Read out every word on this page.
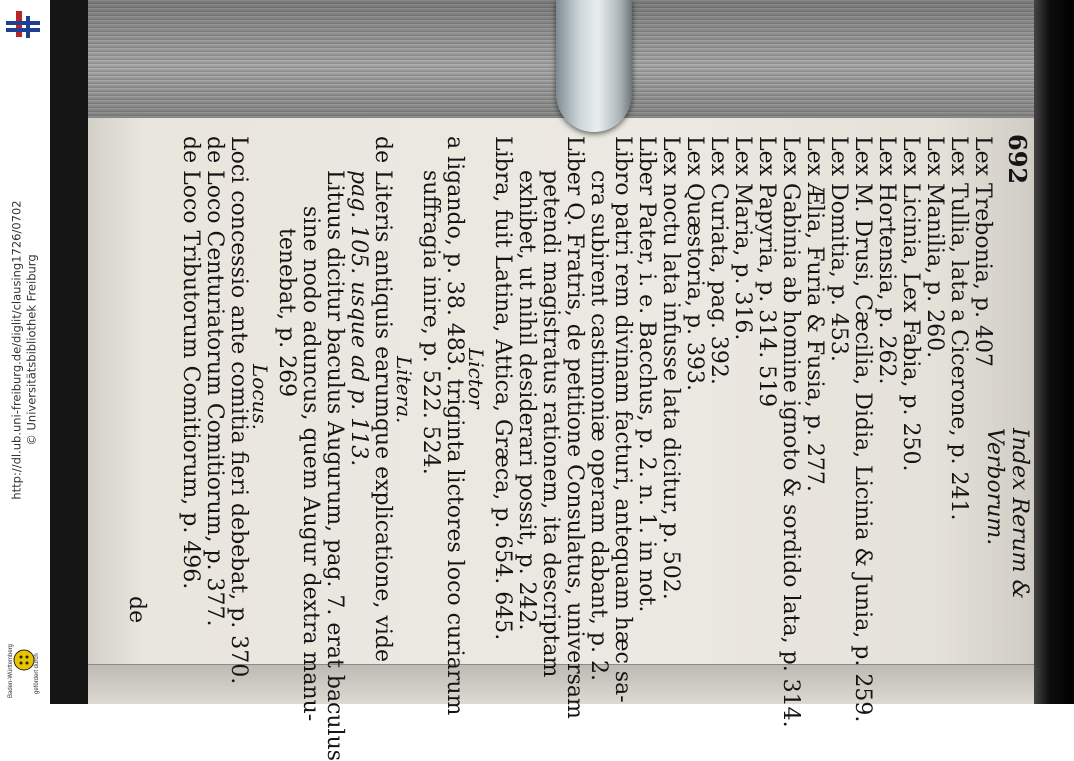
http://dl.ub.uni-freiburg.de/diglit/clausing1726/0702 © Universitätsbibliothek Freiburg
gefördert durch
Baden-Württemberg
692
Index Rerum & Verborum.
Lex Trebonia, p. 407
Lex Tullia, lata a Cicerone, p. 241.
Lex Manilia, p. 260.
Lex Licinia, Lex Fabia, p. 250.
Lex Hortensia, p. 262.
Lex M. Drusi, Cæcilia, Didia, Licinia & Junia, p. 259.
Lex Domitia, p. 453.
Lex Ælia, Furia & Fusia, p. 277.
Lex Gabinia ab homine ignoto & sordido lata, p. 314.
Lex Papyria, p. 314. 519
Lex Maria, p. 316.
Lex Curiata, pag. 392.
Lex Quæstoria, p. 393.
Lex noctu lata infusse lata dicitur, p. 502.
Liber Pater, i. e. Bacchus, p. 2. n. 1. in not.
Libro patri rem divinam facturi, antequam hæc sa-
cra subirent castimoniæ operam dabant, p. 2.
Liber Q. Fratris, de petitione Consulatus, universam
petendi magistratus rationem, ita descriptam
exhibet, ut nihil desiderari possit, p. 242.
Libra, fuit Latina, Attica, Græca, p. 654. 645.
Lictor
a ligando, p. 38. 483. triginta lictores loco curiarum
suffragia inire, p. 522. 524.
Litera.
de Literis antiquis earumque explicatione, vide
pag. 105. usque ad p. 113.
Lituus dicitur baculus Augurum, pag. 7. erat baculus
sine nodo aduncus, quem Augur dextra manu-
tenebat, p. 269
Locus.
Loci concessio ante comitia fieri debebat, p. 370.
de Loco Centuriatorum Comitiorum, p. 377.
de Loco Tributorum Comitiorum, p. 496.
de
